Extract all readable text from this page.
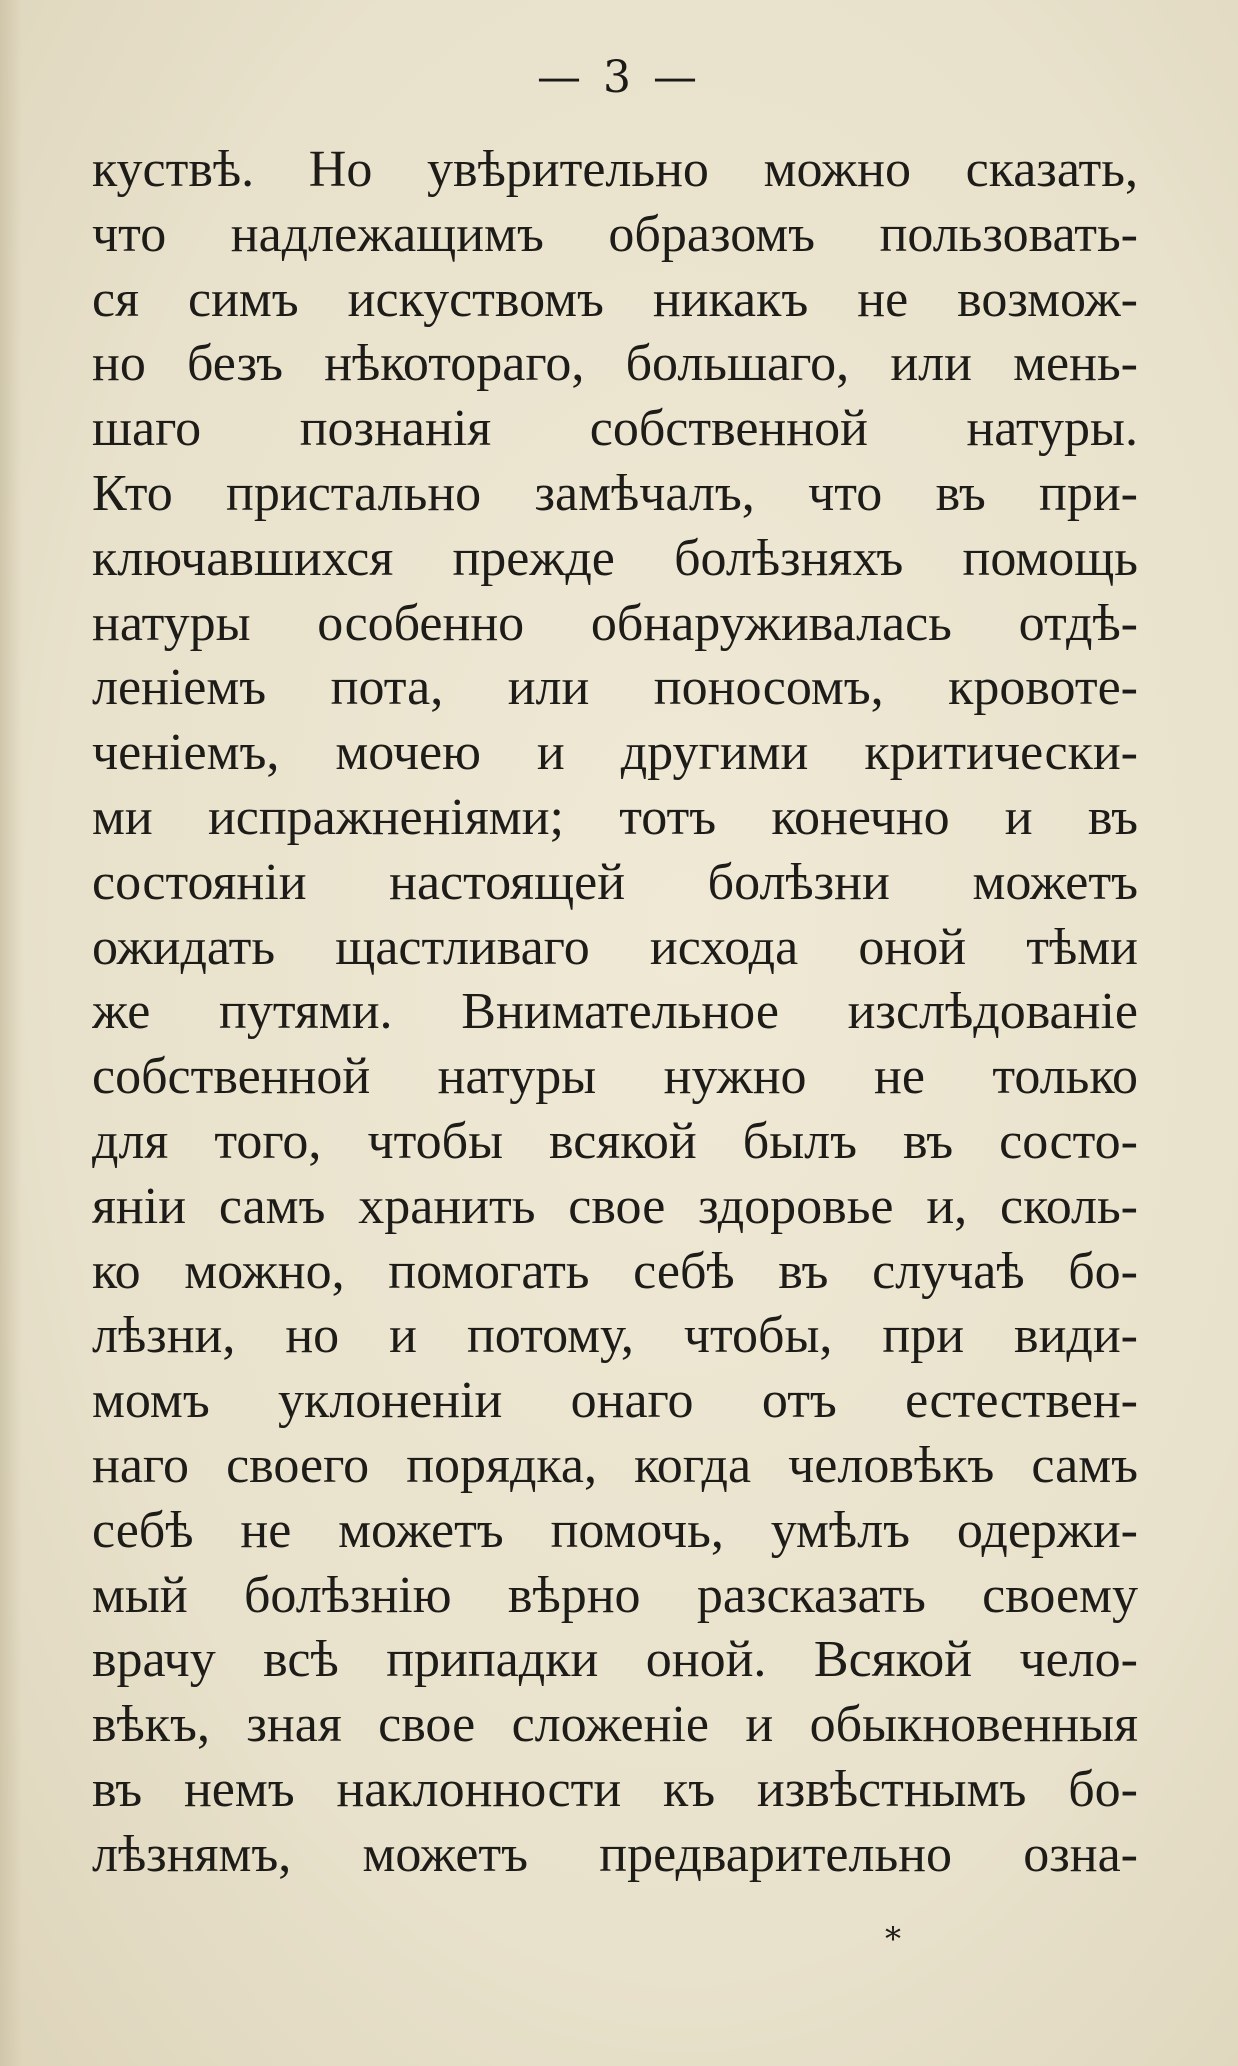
— 3 —
куствѣ. Но увѣрительно можно сказать,
что надлежащимъ образомъ пользовать-
ся симъ искуствомъ никакъ не возмож-
но безъ нѣкотораго, большаго, или мень-
шаго познанія собственной натуры.
Кто пристально замѣчалъ, что въ при-
ключавшихся прежде болѣзняхъ помощь
натуры особенно обнаруживалась отдѣ-
леніемъ пота, или поносомъ, кровоте-
ченіемъ, мочею и другими критически-
ми испражненіями; тотъ конечно и въ
состояніи настоящей болѣзни можетъ
ожидать щастливаго исхода оной тѣми
же путями. Внимательное изслѣдованіе
собственной натуры нужно не только
для того, чтобы всякой былъ въ состо-
яніи самъ хранить свое здоровье и, сколь-
ко можно, помогать себѣ въ случаѣ бо-
лѣзни, но и потому, чтобы, при види-
момъ уклоненіи онаго отъ естествен-
наго своего порядка, когда человѣкъ самъ
себѣ не можетъ помочь, умѣлъ одержи-
мый болѣзнію вѣрно разсказать своему
врачу всѣ припадки оной. Всякой чело-
вѣкъ, зная свое сложеніе и обыкновенныя
въ немъ наклонности къ извѣстнымъ бо-
лѣзнямъ, можетъ предварительно озна-
*
